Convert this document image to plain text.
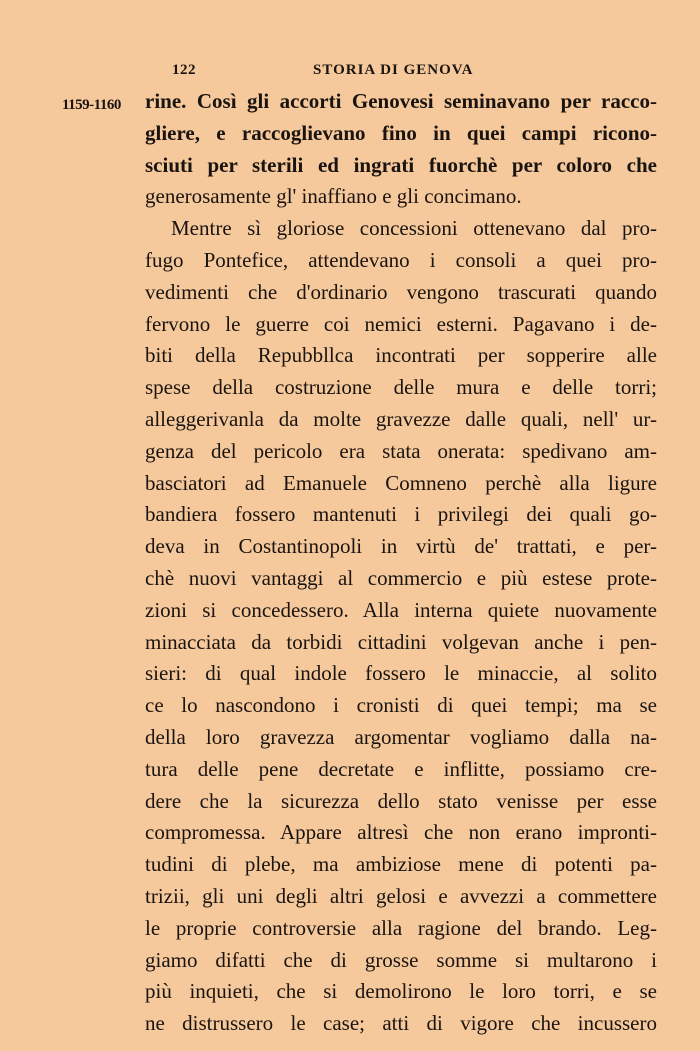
122	STORIA DI GENOVA
1159-1160 rine. Così gli accorti Genovesi seminavano per racco-
gliere, e raccoglievano fino in quei campi ricono-
sciuti per sterili ed ingrati fuorchè per coloro che
generosamente gl' inaffiano e gli concimano.
Mentre sì gloriose concessioni ottenevano dal pro-
fugo Pontefice, attendevano i consoli a quei pro-
vedimenti che d'ordinario vengono trascurati quando
fervono le guerre coi nemici esterni. Pagavano i de-
biti della Repubbllca incontrati per sopperire alle
spese della costruzione delle mura e delle torri;
alleggerivanla da molte gravezze dalle quali, nell' ur-
genza del pericolo era stata onerata: spedivano am-
basciatori ad Emanuele Comneno perchè alla ligure
bandiera fossero mantenuti i privilegi dei quali go-
deva in Costantinopoli in virtù de' trattati, e per-
chè nuovi vantaggi al commercio e più estese prote-
zioni si concedessero. Alla interna quiete nuovamente
minacciata da torbidi cittadini volgevan anche i pen-
sieri: di qual indole fossero le minaccie, al solito
ce lo nascondono i cronisti di quei tempi; ma se
della loro gravezza argomentar vogliamo dalla na-
tura delle pene decretate e inflitte, possiamo cre-
dere che la sicurezza dello stato venisse per esse
compromessa. Appare altresì che non erano impronti-
tudini di plebe, ma ambiziose mene di potenti pa-
trizii, gli uni degli altri gelosi e avvezzi a commettere
le proprie controversie alla ragione del brando. Leg-
giamo difatti che di grosse somme si multarono i
più inquieti, che si demolirono le loro torri, e se
ne distrussero le case; atti di vigore che incussero
